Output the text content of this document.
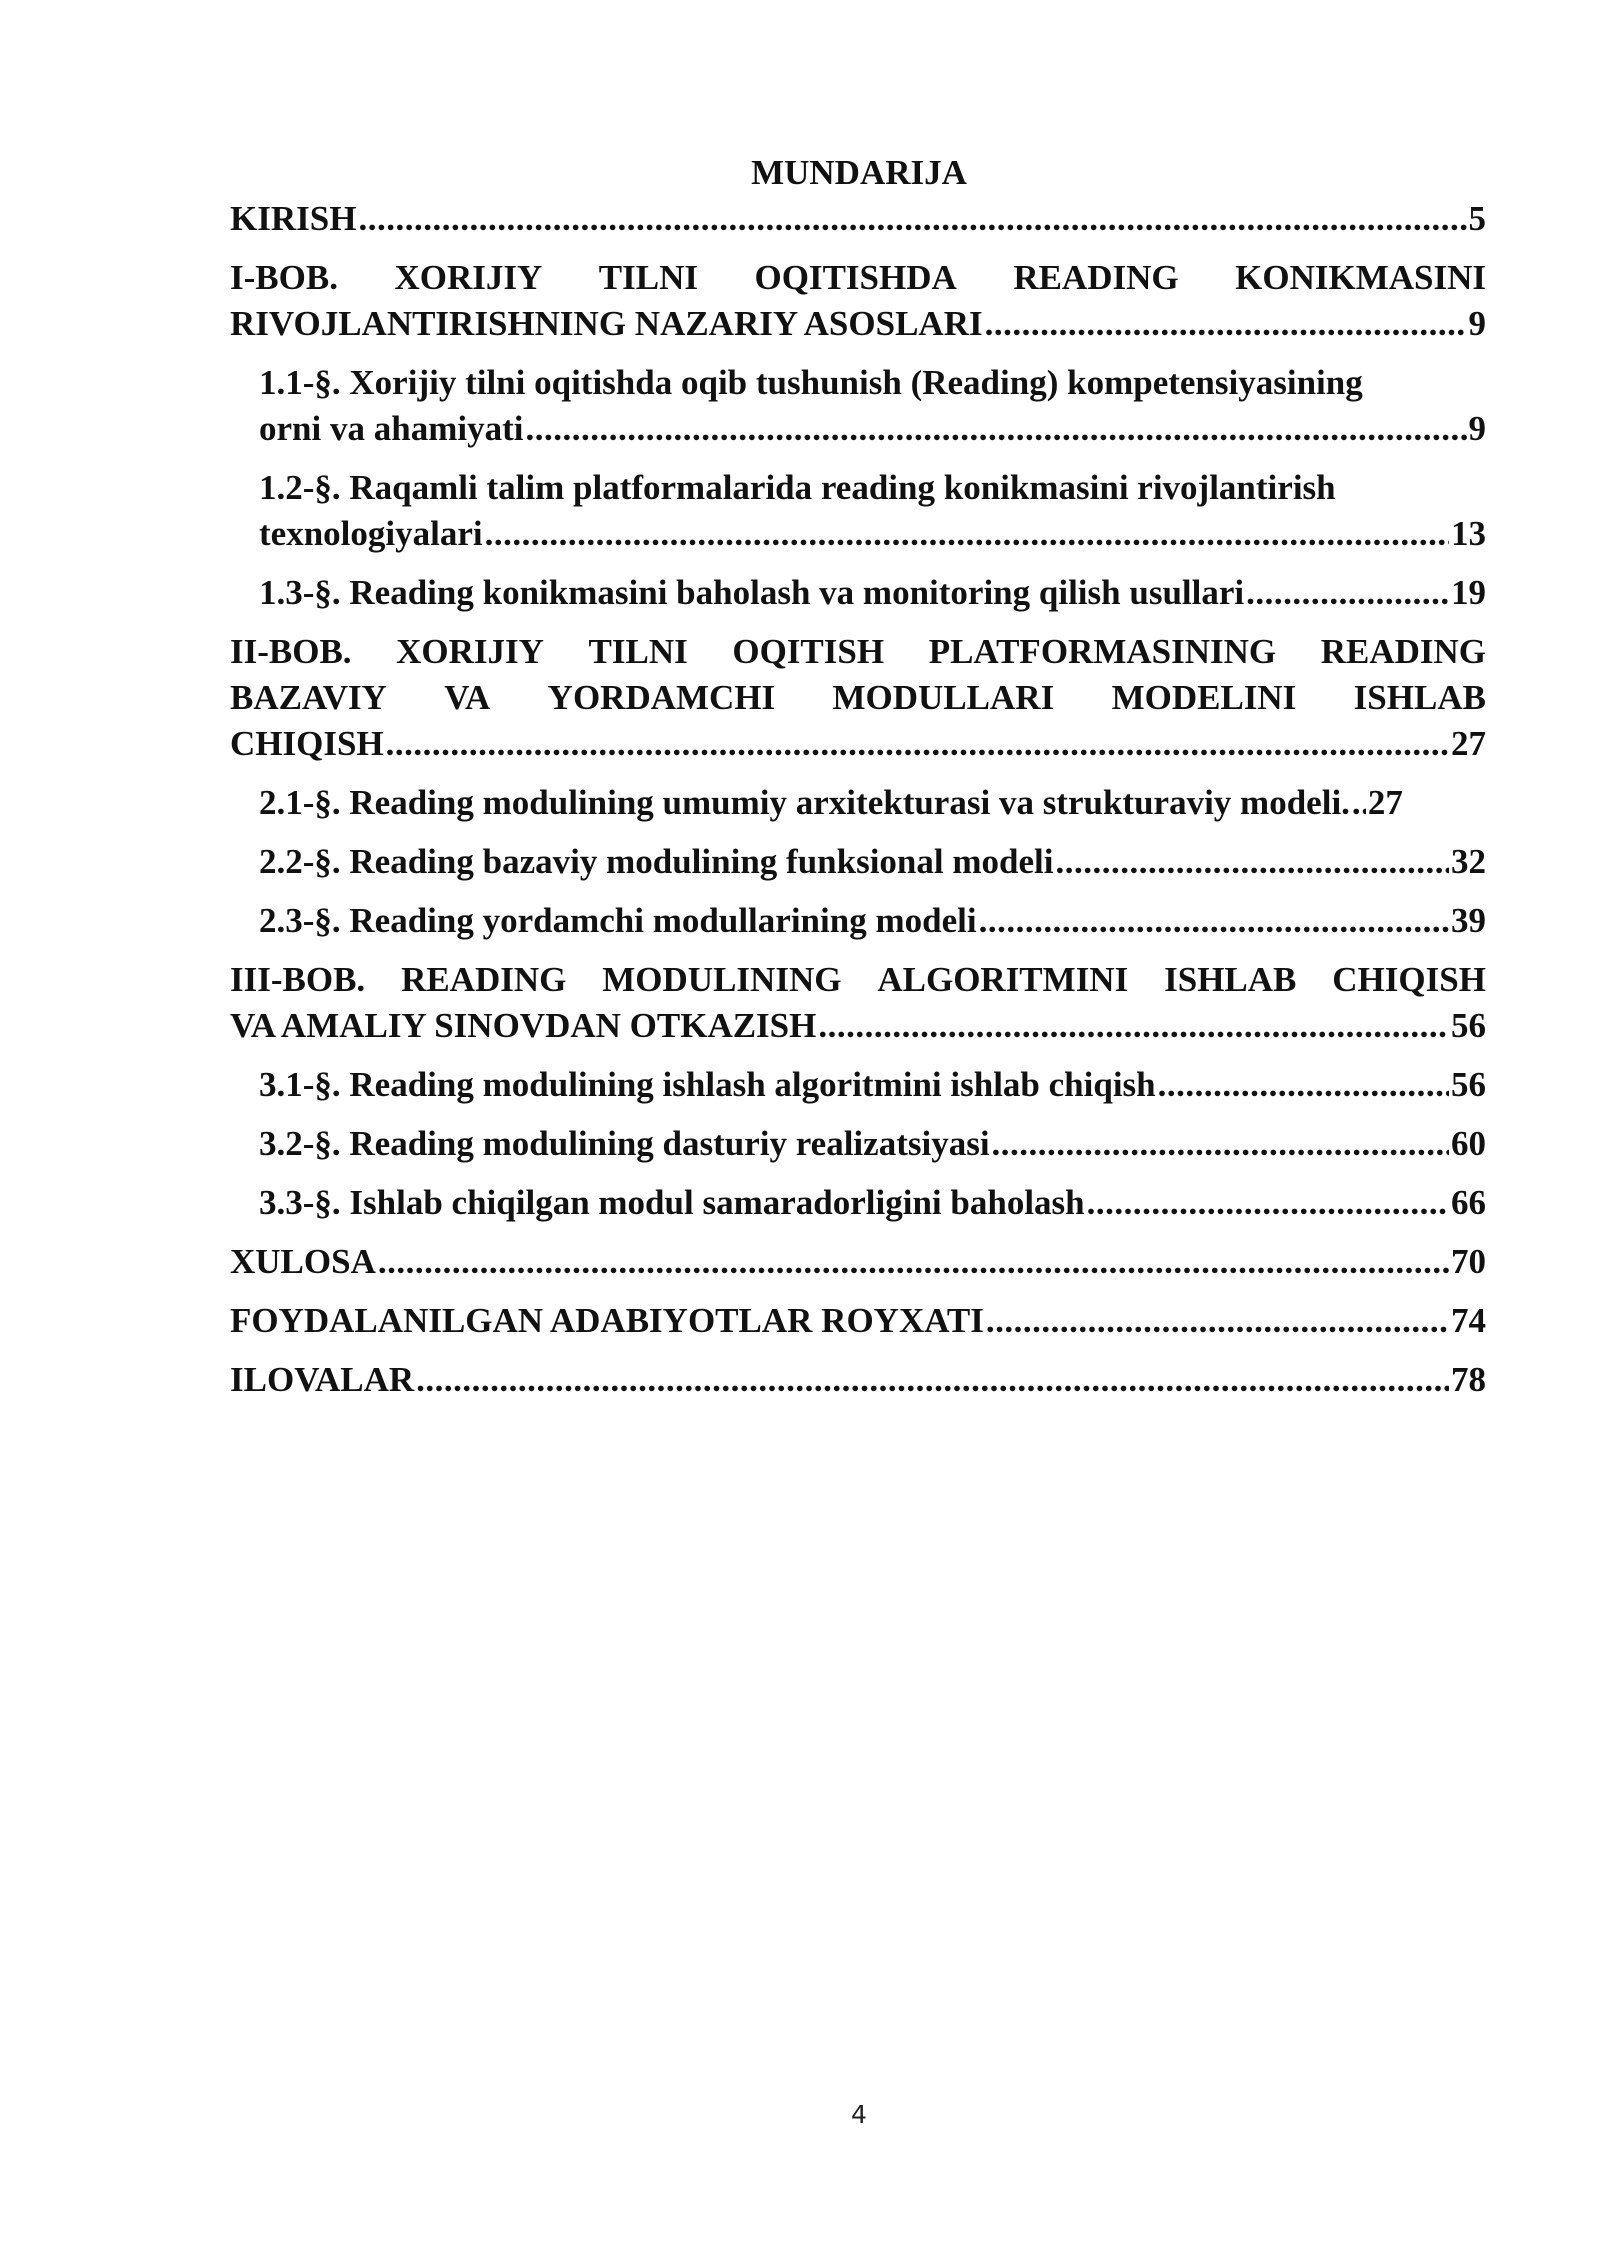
MUNDARIJA
KIRISH .....	5
I-BOB. XORIJIY TILNI OQITISHDA READING KONIKMASINI
RIVOJLANTIRISHNING NAZARIY ASOSLARI .....	9
1.1-§. Xorijiy tilni oqitishda oqib tushunish (Reading) kompetensiyasining
orni va ahamiyati .....	9
1.2-§. Raqamli talim platformalarida reading konikmasini rivojlantirish
texnologiyalari .....	13
1.3-§. Reading konikmasini baholash va monitoring qilish usullari .....	19
II-BOB. XORIJIY TILNI OQITISH PLATFORMASINING READING
BAZAVIY VA YORDAMCHI MODULLARI MODELINI ISHLAB
CHIQISH .....	27
2.1-§. Reading modulining umumiy arxitekturasi va strukturaviy modeli. ..... 27
2.2-§. Reading bazaviy modulining funksional modeli .....	32
2.3-§. Reading yordamchi modullarining modeli .....	39
III-BOB. READING MODULINING ALGORITMINI ISHLAB CHIQISH
VA AMALIY SINOVDAN OTKAZISH .....	56
3.1-§. Reading modulining ishlash algoritmini ishlab chiqish .....	56
3.2-§. Reading modulining dasturiy realizatsiyasi .....	60
3.3-§. Ishlab chiqilgan modul samaradorligini baholash .....	66
XULOSA .....	70
FOYDALANILGAN ADABIYOTLAR ROYXATI .....	74
ILOVALAR .....	78
4
